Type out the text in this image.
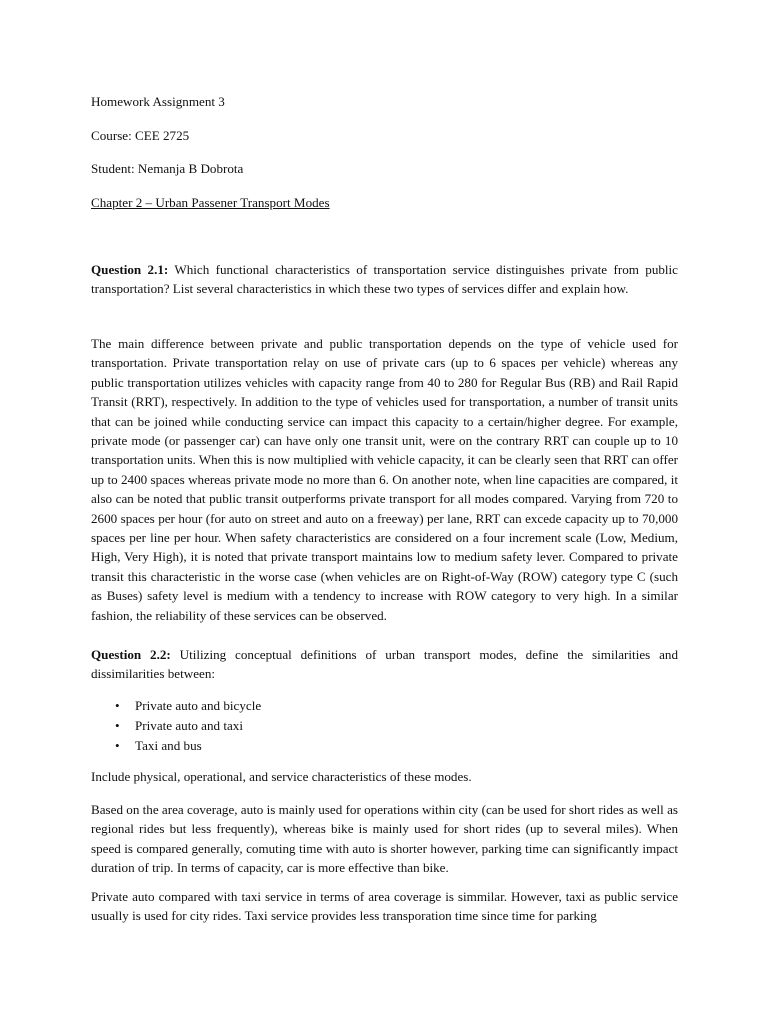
Homework Assignment 3

Course: CEE 2725

Student: Nemanja B Dobrota

Chapter 2 – Urban Passener Transport Modes

Question 2.1: Which functional characteristics of transportation service distinguishes private from public transportation? List several characteristics in which these two types of services differ and explain how.

The main difference between private and public transportation depends on the type of vehicle used for transportation. Private transportation relay on use of private cars (up to 6 spaces per vehicle) whereas any public transportation utilizes vehicles with capacity range from 40 to 280 for Regular Bus (RB) and Rail Rapid Transit (RRT), respectively. In addition to the type of vehicles used for transportation, a number of transit units that can be joined while conducting service can impact this capacity to a certain/higher degree. For example, private mode (or passenger car) can have only one transit unit, were on the contrary RRT can couple up to 10 transportation units. When this is now multiplied with vehicle capacity, it can be clearly seen that RRT can offer up to 2400 spaces whereas private mode no more than 6. On another note, when line capacities are compared, it also can be noted that public transit outperforms private transport for all modes compared. Varying from 720 to 2600 spaces per hour (for auto on street and auto on a freeway) per lane, RRT can excede capacity up to 70,000 spaces per line per hour. When safety characteristics are considered on a four increment scale (Low, Medium, High, Very High), it is noted that private transport maintains low to medium safety lever. Compared to private transit this characteristic in the worse case (when vehicles are on Right-of-Way (ROW) category type C (such as Buses) safety level is medium with a tendency to increase with ROW category to very high. In a similar fashion, the reliability of these services can be observed.

Question 2.2: Utilizing conceptual definitions of urban transport modes, define the similarities and dissimilarities between:

• Private auto and bicycle
• Private auto and taxi
• Taxi and bus

Include physical, operational, and service characteristics of these modes.

Based on the area coverage, auto is mainly used for operations within city (can be used for short rides as well as regional rides but less frequently), whereas bike is mainly used for short rides (up to several miles). When speed is compared generally, comuting time with auto is shorter however, parking time can significantly impact duration of trip. In terms of capacity, car is more effective than bike.

Private auto compared with taxi service in terms of area coverage is simmilar. However, taxi as public service usually is used for city rides. Taxi service provides less transporation time since time for parking
